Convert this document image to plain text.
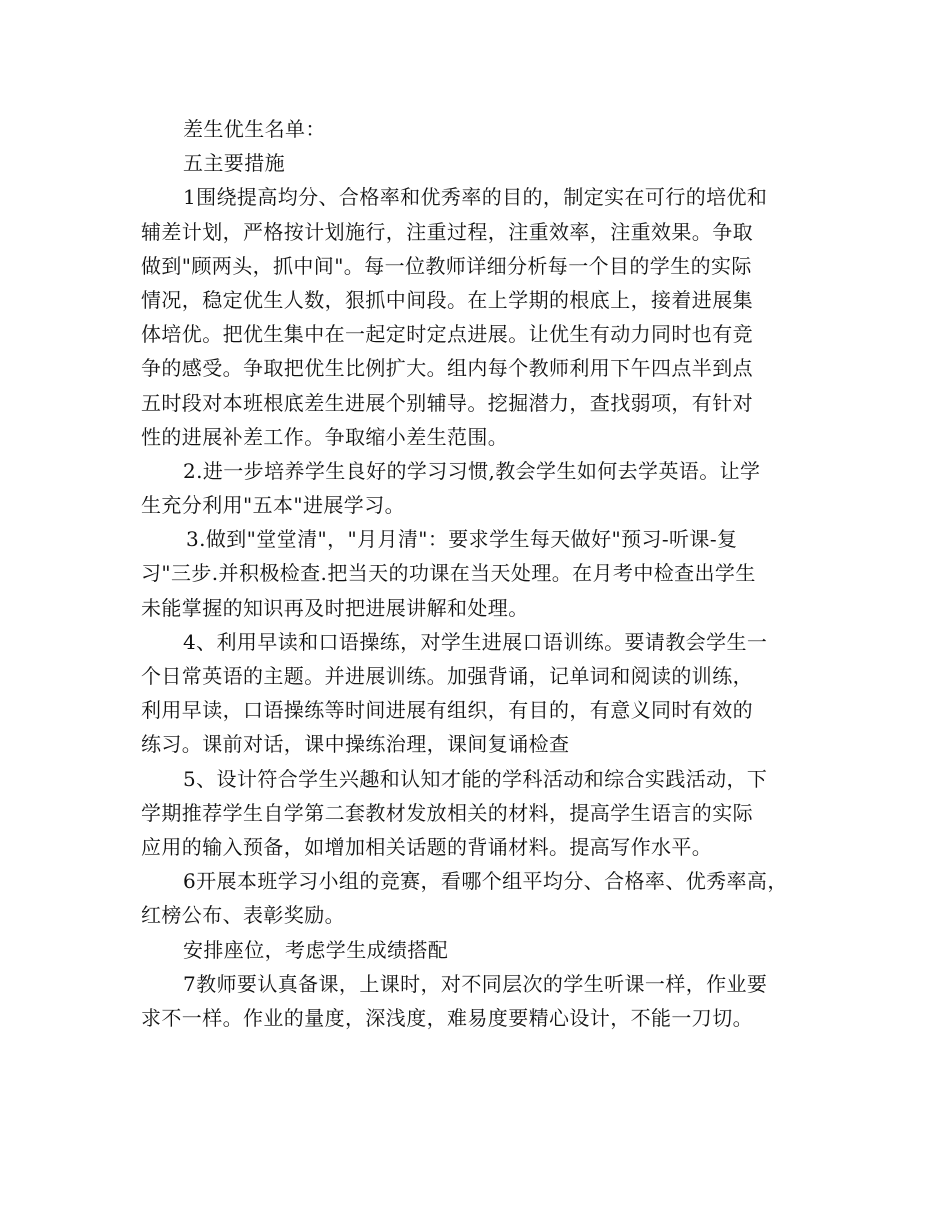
差生优生名单：
五主要措施
1围绕提高均分、合格率和优秀率的目的，制定实在可行的培优和
辅差计划，严格按计划施行，注重过程，注重效率，注重效果。争取
做到"顾两头，抓中间"。每一位教师详细分析每一个目的学生的实际
情况，稳定优生人数，狠抓中间段。在上学期的根底上，接着进展集
体培优。把优生集中在一起定时定点进展。让优生有动力同时也有竞
争的感受。争取把优生比例扩大。组内每个教师利用下午四点半到点
五时段对本班根底差生进展个别辅导。挖掘潜力，查找弱项，有针对
性的进展补差工作。争取缩小差生范围。
2.进一步培养学生良好的学习习惯,教会学生如何去学英语。让学
生充分利用"五本"进展学习。
3.做到"堂堂清"，"月月清"：要求学生每天做好"预习-听课-复
习"三步.并积极检查.把当天的功课在当天处理。在月考中检查出学生
未能掌握的知识再及时把进展讲解和处理。
4、利用早读和口语操练，对学生进展口语训练。要请教会学生一
个日常英语的主题。并进展训练。加强背诵，记单词和阅读的训练，
利用早读，口语操练等时间进展有组织，有目的，有意义同时有效的
练习。课前对话，课中操练治理，课间复诵检查
5、设计符合学生兴趣和认知才能的学科活动和综合实践活动，下
学期推荐学生自学第二套教材发放相关的材料，提高学生语言的实际
应用的输入预备，如增加相关话题的背诵材料。提高写作水平。
6开展本班学习小组的竞赛，看哪个组平均分、合格率、优秀率高，
红榜公布、表彰奖励。
安排座位，考虑学生成绩搭配
7教师要认真备课，上课时，对不同层次的学生听课一样，作业要
求不一样。作业的量度，深浅度，难易度要精心设计，不能一刀切。
